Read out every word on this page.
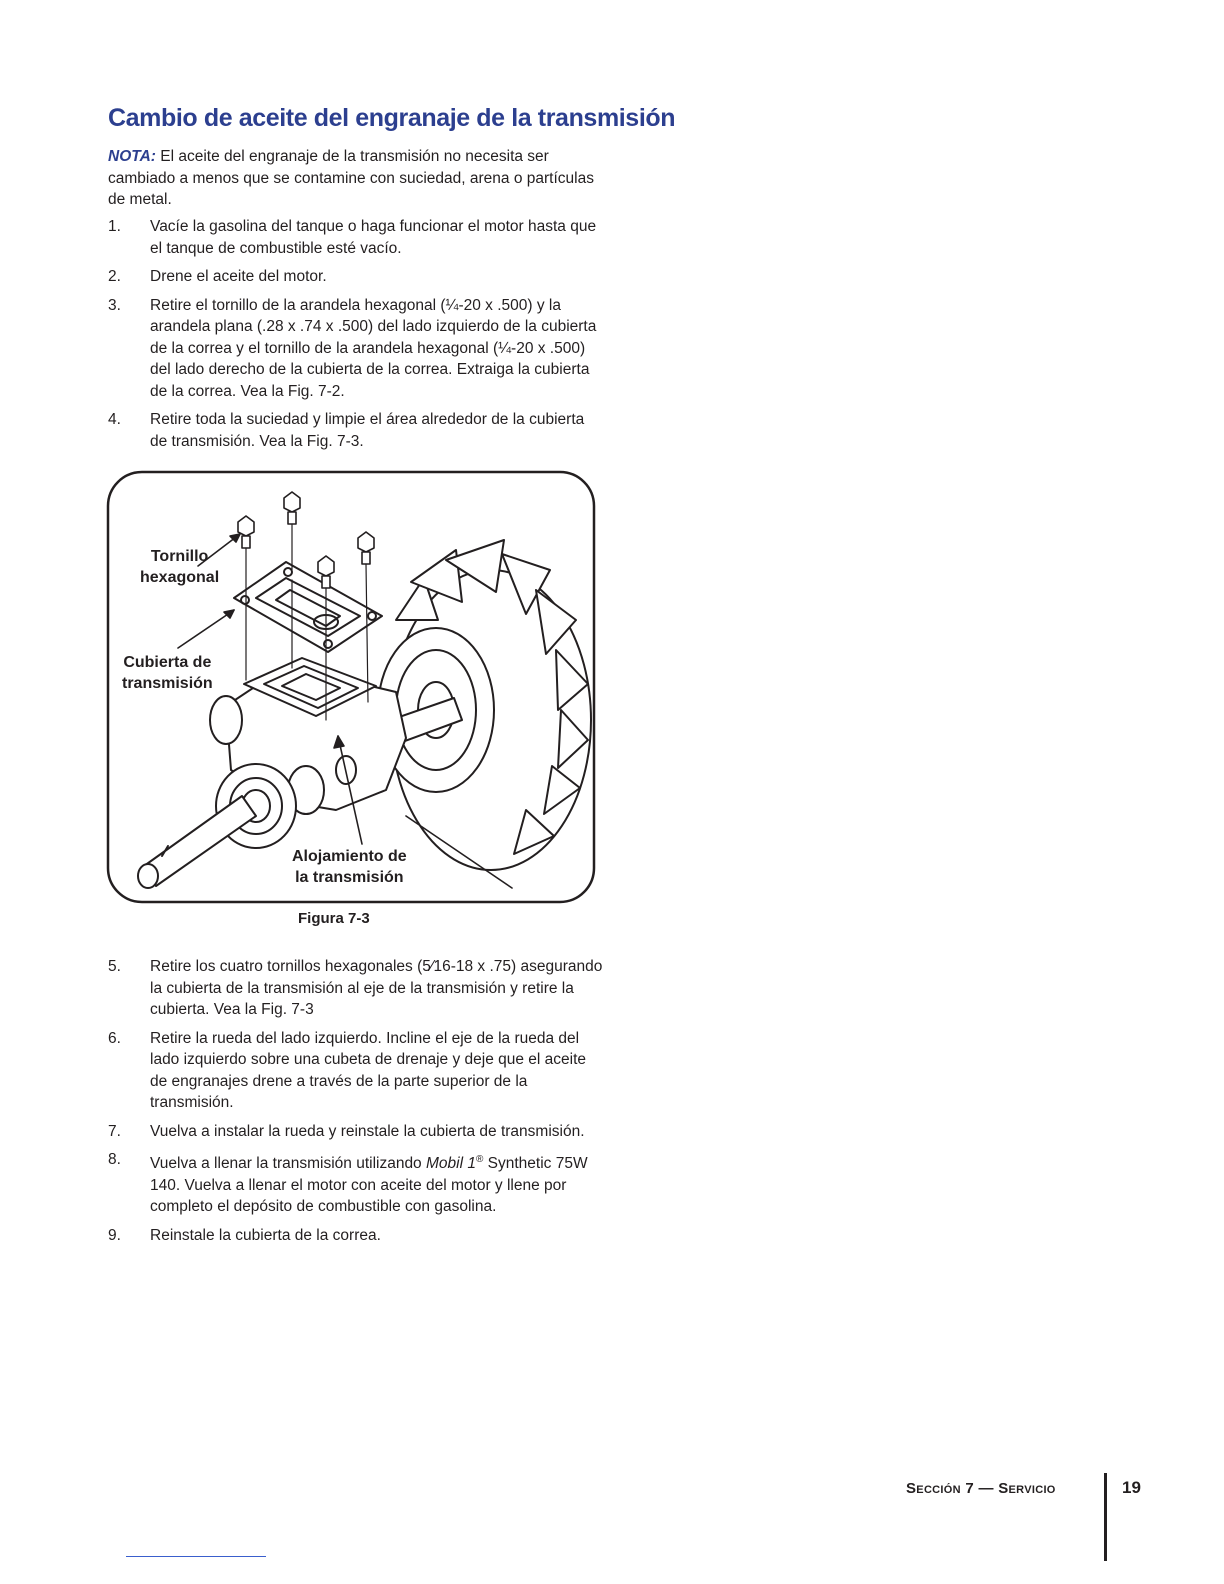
Cambio de aceite del engranaje de la transmisión

NOTA: El aceite del engranaje de la transmisión no necesita ser cambiado a menos que se contamine con suciedad, arena o partículas de metal.

1. Vacíe la gasolina del tanque o haga funcionar el motor hasta que el tanque de combustible esté vacío.
2. Drene el aceite del motor.
3. Retire el tornillo de la arandela hexagonal (¼-20 x .500) y la arandela plana (.28 x .74 x .500) del lado izquierdo de la cubierta de la correa y el tornillo de la arandela hexagonal (¼-20 x .500) del lado derecho de la cubierta de la correa. Extraiga la cubierta de la correa. Vea la Fig. 7-2.
4. Retire toda la suciedad y limpie el área alrededor de la cubierta de transmisión. Vea la Fig. 7-3.
Tornillo
hexagonal
Cubierta de
transmisión
Alojamiento de
la transmisión
Figura 7-3
5. Retire los cuatro tornillos hexagonales (5⁄16-18 x .75) asegurando la cubierta de la transmisión al eje de la transmisión y retire la cubierta. Vea la Fig. 7-3
6. Retire la rueda del lado izquierdo. Incline el eje de la rueda del lado izquierdo sobre una cubeta de drenaje y deje que el aceite de engranajes drene a través de la parte superior de la transmisión.
7. Vuelva a instalar la rueda y reinstale la cubierta de transmisión.
8. Vuelva a llenar la transmisión utilizando Mobil 1® Synthetic 75W 140. Vuelva a llenar el motor con aceite del motor y llene por completo el depósito de combustible con gasolina.
9. Reinstale la cubierta de la correa.
Sección 7 — Servicio	19
